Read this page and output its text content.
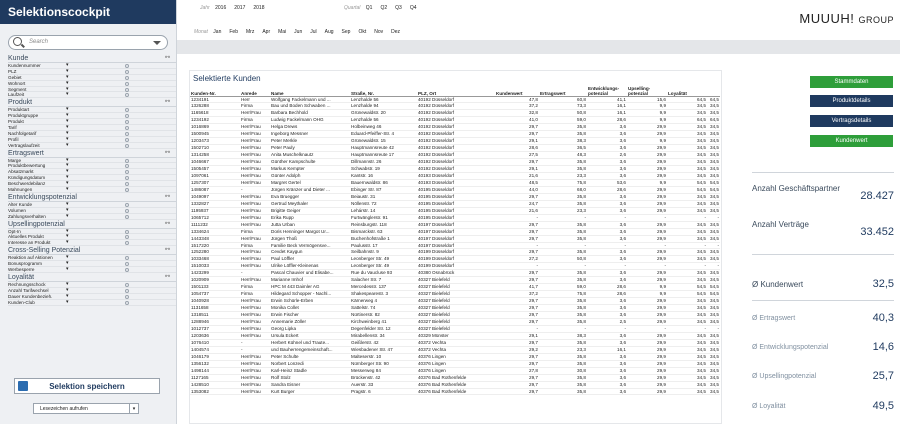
Selektionscockpit
Search
Kunde	⚯
Kundennummer	▾
PLZ	▾
Gebiet	▾
Wohnort	▾
Segment	▾
Laufzeit	▾
Produkt	⚯
Produktart	▾
Produktgruppe	▾
Produkt	▾
Tarif	▾
Nachfolgetarif	▾
Profil	▾
Vertragslaufzeit	▾
Ertragswert	⚯
Marge	▾
Produktbewertung	▾
Absatzmarkt	▾
Kündigungsdatum	▾
Beschwerdebilanz	▾
Mahnungen	▾
Entwicklungspotenzial	⚯
Alter Kunde	▾
Volumen	▾
Zahlungsverhalten	▾
Upsellingpotenzial	⚯
Opt-In	▾
Aktuelles Produkt	▾
Interesse an Produkt	▾
Cross-Selling Potenzial	⚯
Reaktion auf Aktionen	▾
Bonusprogramm	▾
Werbesperre	▾
Loyalität	⚯
Rechnungsschock	▾
Anzahl Tarifwechsel	▾
Dauer Kundenbezieh.	▾
Kunden-Club	▾
Selektion speichern
Lesezeichen aufrufen	▾
Jahr 2016 2017 2018	Quartal Q1 Q2 Q3 Q4
Monat Jan Feb Mrz Apr Mai Jun Jul Aug Sep Okt Nov Dez
MUUUH! GROUP
Selektierte Kunden
Kunden-Nr.	Anrede	Name	Straße, Nr.	PLZ, Ort	Kundenwert	Ertragswert	Entwicklungs-potenzial	Upselling-potenzial	Loyalität	
1234191	Herr	Wolfgang Fackelmann und ...	Lenzhalde 56	40192 Düsseldorf	47,8	60,8	41,1	15,6	64,5	64,5
1326288	Firma	Bau und Boden Schwaben ...	Lenzhalde 94	40192 Düsseldorf	37,2	73,3	16,1	9,9	34,5	34,5
1165618	Herr/Frau	Barbara Bechhold	Grünewaldstr. 20	40192 Düsseldorf	32,8	50,8	16,1	9,9	34,5	34,5
1234192	Firma	Ludwig Fackelmann OHG	Lenzhalde 56	40192 Düsseldorf	41,0	59,0	28,6	9,9	64,5	64,5
1016869	Herr/Frau	Helga Drews	Holbeinweg 46	40192 Düsseldorf	29,7	35,8	3,6	29,9	34,5	34,5
1500945	Herr/Frau	Ingeborg Messner	Eduard-Pfeiffer-Str. 4	40192 Düsseldorf	29,7	35,8	3,6	29,9	34,5	34,5
1203473	Herr/Frau	Peter Merkle	Grünewaldstr. 15	40192 Düsseldorf	29,1	38,3	3,6	9,9	34,5	34,5
1502710	Herr/Frau	Peter Pauly	Hauptmannsreute 42	40192 Düsseldorf	28,6	36,5	3,6	29,9	34,5	34,5
1314258	Herr/Frau	Anita Muschelknautz	Hauptmannsreute 17	40192 Düsseldorf	27,5	48,3	2,6	29,9	34,5	34,5
1046667	Herr/Frau	Günther Kampschulte	Dillmannstr. 26	40192 Düsseldorf	29,7	35,8	3,6	29,9	34,5	34,5
1505457	Herr/Frau	Markus Kempter	Schwabstr. 19	40192 Düsseldorf	29,1	35,8	3,6	29,9	34,5	34,5
1097061	Herr/Frau	Günter Adolph	Kantstr. 16	40193 Düsseldorf	21,6	23,3	3,6	29,9	34,5	34,5
1257307	Herr/Frau	Margret Gertel	Bauernwaldstr. 86	40193 Düsseldorf	48,5	75,8	53,6	9,9	54,5	54,5
1486087	-	Jürgen Kränzer und Dieter ...	Ebinger Str. 87	40195 Düsseldorf	44,0	68,0	28,6	29,9	54,5	54,5
1049097	Herr/Frau	Eva Bruegger	Beiaustr. 31	40195 Düsseldorf	29,7	35,8	3,6	29,9	34,5	34,5
1332827	Herr/Frau	Gertrud Meythaler	Nöllenstr. 72	40195 Düsseldorf	24,7	35,8	3,6	29,9	34,5	34,5
1195937	Herr/Frau	Brigitte Geiger	Lehárstr. 14	40195 Düsseldorf	21,6	23,3	3,6	29,9	34,5	34,5
1065712	Herr/Frau	Erika Rupp	Furtwänglerstr. 91	40195 Düsseldorf	-	-	-	-	-	-
1111232	Herr/Frau	Jutta Urban	Reinsburgstr. 118	40197 Düsseldorf	29,7	35,8	3,6	29,9	34,5	34,5
1334624	Firma	Doris Henninger Margot Ur...	Bismarckstr. 63	40197 Düsseldorf	29,7	35,8	3,6	29,9	34,5	34,5
1443348	Herr/Frau	Jürgen Thoß	Buchenhofstraße 1	40197 Düsseldorf	29,7	35,8	3,6	29,9	34,5	34,5
1517220	Firma	Familie Beck Vermögensve...	Paulusstr. 17	40197 Düsseldorf	-	-	-	-	-	-
1252280	Herr/Frau	Cevdet Kaygun	Seilbahnstr. 9	40199 Düsseldorf	29,7	35,8	3,6	29,9	34,5	34,5
1033468	Herr/Frau	Paul Löffler	Leonberger Str. 49	40199 Düsseldorf	27,2	50,8	3,6	29,9	34,5	34,5
1510033	Herr/Frau	Ulrike Löffler-Kleinenas	Leonberger Str. 49	40199 Düsseldorf	-	-	-	-	-	-
1423299	-	Pascal Chauvier und Elisabe...	Rue du Vaucluse 93	40380 Osnabrück	29,7	35,8	3,6	29,9	34,5	34,5
1020909	Herr/Frau	Marianne Imhof	Salacher Str. 7	40327 Bielefeld	29,7	35,8	3,6	29,9	34,5	34,5
1501133	Firma	HPC M 443 Daimler AG	Mercedesstr. 137	40327 Bielefeld	41,7	59,0	28,6	9,9	54,5	54,5
1054737	Firma	Hildegard Schopper - Nachl...	Shakespearestr. 3	40327 Bielefeld	37,2	75,8	28,6	9,9	54,5	54,5
1040928	Herr/Frau	Erwin Schürle-Erben	Kärnerweg 4	40327 Bielefeld	29,7	35,8	3,6	29,9	34,5	34,5
1131658	Herr/Frau	Monika Collet	Sattelstr. 74	40327 Bielefeld	29,7	35,8	3,6	29,9	34,5	34,5
1318511	Herr/Frau	Erwin Fischer	Nürtinerstr. 82	40327 Bielefeld	29,7	35,8	3,6	29,9	34,5	34,5
1288946	Herr/Frau	Annemarie Zöller	Kirchweinberg 41	40327 Bielefeld	29,7	35,8	2,5	29,9	34,5	34,5
1012737	Herr/Frau	Georg Lipka	Degenfelder Str. 12	40327 Bielefeld	-	-	-	-	-	-
1203636	Herr/Frau	Ursula Eckert	Mirabellenstr. 34	40329 Münster	29,1	38,3	3,6	29,9	34,5	34,5
1076410	-	Herbert Kühnel und Traute...	Geißlerstr. 42	40372 Vechta	29,7	35,8	3,6	29,9	34,5	34,5
1404574	-	und Bauherrengemeinschaft...	Wiesbadener Str. 47	40372 Vechta	29,2	23,3	16,1	29,9	34,5	34,5
1046179	Herr/Frau	Peter Schulte	Malteserstr. 10	40376 Lingen	29,7	35,8	3,6	29,9	34,5	34,5
1356132	Herr/Frau	Norbert Lonzedi	Nürnberger Str. 90	40376 Lingen	29,7	35,8	3,6	29,9	34,5	34,5
1498144	Herr/Frau	Karl-Heinz Stadle	Messerweg 84	40376 Lingen	27,8	30,8	3,6	29,9	34,5	34,5
1127165	Herr/Frau	Rolf Stolz	Brückenstr. 42	40376 Bad Rothenfelde	29,7	35,8	3,6	29,9	34,5	34,5
1428510	Herr/Frau	Sandra Eisner	Auerstr. 33	40376 Bad Rothenfelde	29,7	35,8	3,6	29,9	34,5	34,5
1353082	Herr/Frau	Kurt Burger	Pragstr. 6	40376 Bad Rothenfelde	29,7	35,8	3,6	29,9	34,5	34,5
Stammdaten
Produktdetails
Vertragsdetails
Kundenwert
Anzahl Geschäftspartner
28.427
Anzahl Verträge
33.452
Ø Kundenwert	32,5
Ø Ertragswert	40,3
Ø Entwicklungspotenzial	14,6
Ø Upsellingpotenzial	25,7
Ø Loyalität	49,5
